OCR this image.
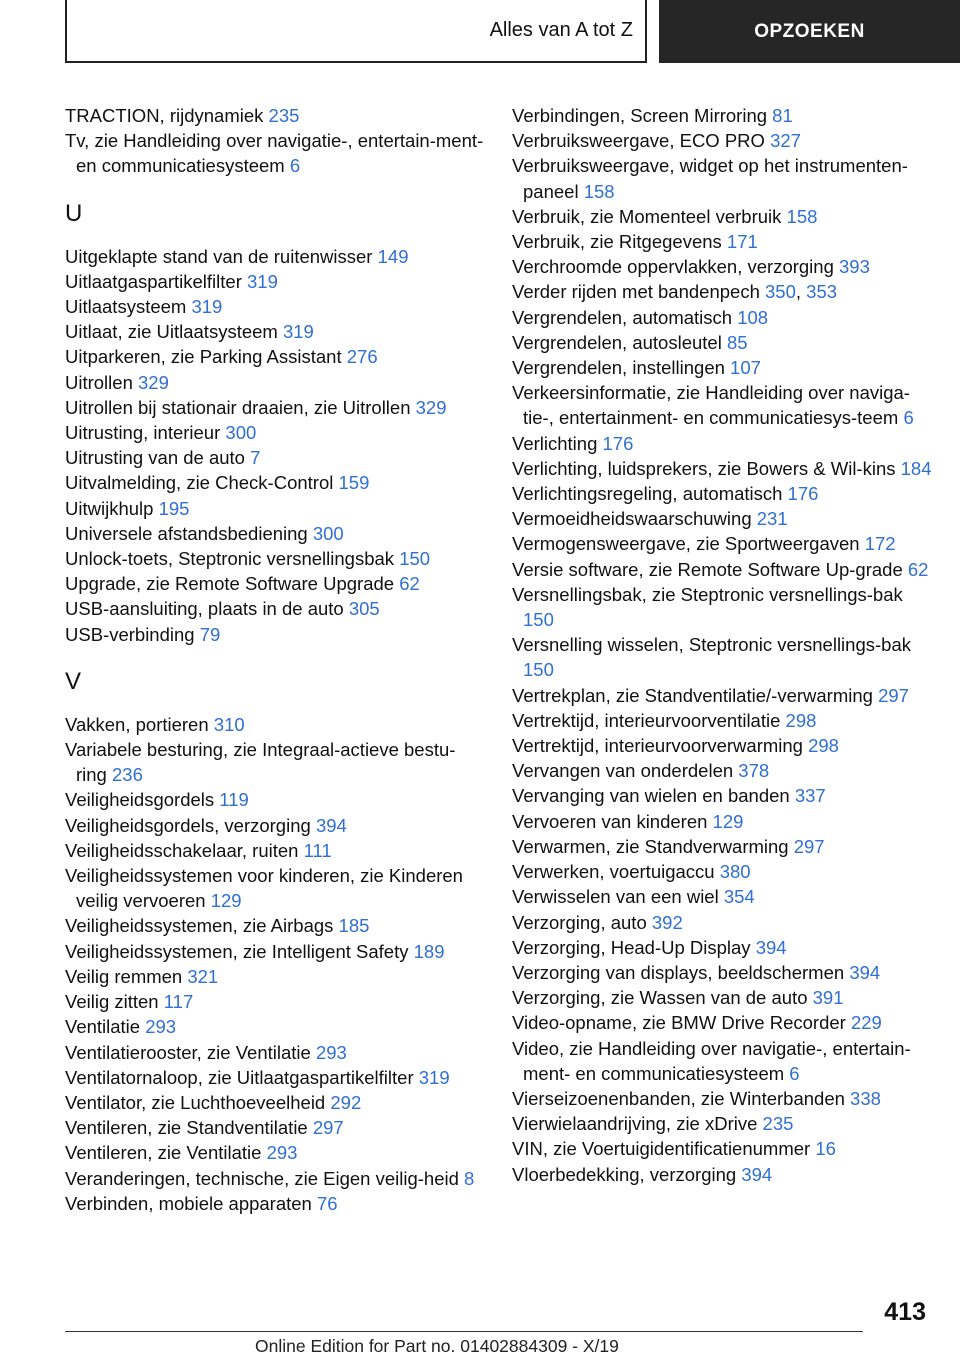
Alles van A tot Z	OPZOEKEN
TRACTION, rijdynamiek 235
Tv, zie Handleiding over navigatie-, entertain-ment- en communicatiesysteem 6
U
Uitgeklapte stand van de ruitenwisser 149
Uitlaatgaspartikelfilter 319
Uitlaatsysteem 319
Uitlaat, zie Uitlaatsysteem 319
Uitparkeren, zie Parking Assistant 276
Uitrollen 329
Uitrollen bij stationair draaien, zie Uitrollen 329
Uitrusting, interieur 300
Uitrusting van de auto 7
Uitvalmelding, zie Check-Control 159
Uitwijkhulp 195
Universele afstandsbediening 300
Unlock-toets, Steptronic versnellingsbak 150
Upgrade, zie Remote Software Upgrade 62
USB-aansluiting, plaats in de auto 305
USB-verbinding 79
V
Vakken, portieren 310
Variabele besturing, zie Integraal-actieve bestu-ring 236
Veiligheidsgordels 119
Veiligheidsgordels, verzorging 394
Veiligheidsschakelaar, ruiten 111
Veiligheidssystemen voor kinderen, zie Kinderen veilig vervoeren 129
Veiligheidssystemen, zie Airbags 185
Veiligheidssystemen, zie Intelligent Safety 189
Veilig remmen 321
Veilig zitten 117
Ventilatie 293
Ventilatierooster, zie Ventilatie 293
Ventilatornaloop, zie Uitlaatgaspartikelfilter 319
Ventilator, zie Luchthoeveelheid 292
Ventileren, zie Standventilatie 297
Ventileren, zie Ventilatie 293
Veranderingen, technische, zie Eigen veilig-heid 8
Verbinden, mobiele apparaten 76
Verbindingen, Screen Mirroring 81
Verbruiksweergave, ECO PRO 327
Verbruiksweergave, widget op het instrumenten-paneel 158
Verbruik, zie Momenteel verbruik 158
Verbruik, zie Ritgegevens 171
Verchroomde oppervlakken, verzorging 393
Verder rijden met bandenpech 350, 353
Vergrendelen, automatisch 108
Vergrendelen, autosleutel 85
Vergrendelen, instellingen 107
Verkeersinformatie, zie Handleiding over naviga-tie-, entertainment- en communicatiesys-teem 6
Verlichting 176
Verlichting, luidsprekers, zie Bowers & Wil-kins 184
Verlichtingsregeling, automatisch 176
Vermoeidheidswaarschuwing 231
Vermogensweergave, zie Sportweergaven 172
Versie software, zie Remote Software Up-grade 62
Versnellingsbak, zie Steptronic versnellings-bak 150
Versnelling wisselen, Steptronic versnellings-bak 150
Vertrekplan, zie Standventilatie/-verwarming 297
Vertrektijd, interieurvoorventilatie 298
Vertrektijd, interieurvoorverwarming 298
Vervangen van onderdelen 378
Vervanging van wielen en banden 337
Vervoeren van kinderen 129
Verwarmen, zie Standverwarming 297
Verwerken, voertuigaccu 380
Verwisselen van een wiel 354
Verzorging, auto 392
Verzorging, Head-Up Display 394
Verzorging van displays, beeldschermen 394
Verzorging, zie Wassen van de auto 391
Video-opname, zie BMW Drive Recorder 229
Video, zie Handleiding over navigatie-, entertain-ment- en communicatiesysteem 6
Vierseizoenenbanden, zie Winterbanden 338
Vierwielaandrijving, zie xDrive 235
VIN, zie Voertuigidentificatienummer 16
Vloerbedekking, verzorging 394
413
Online Edition for Part no. 01402884309 - X/19
